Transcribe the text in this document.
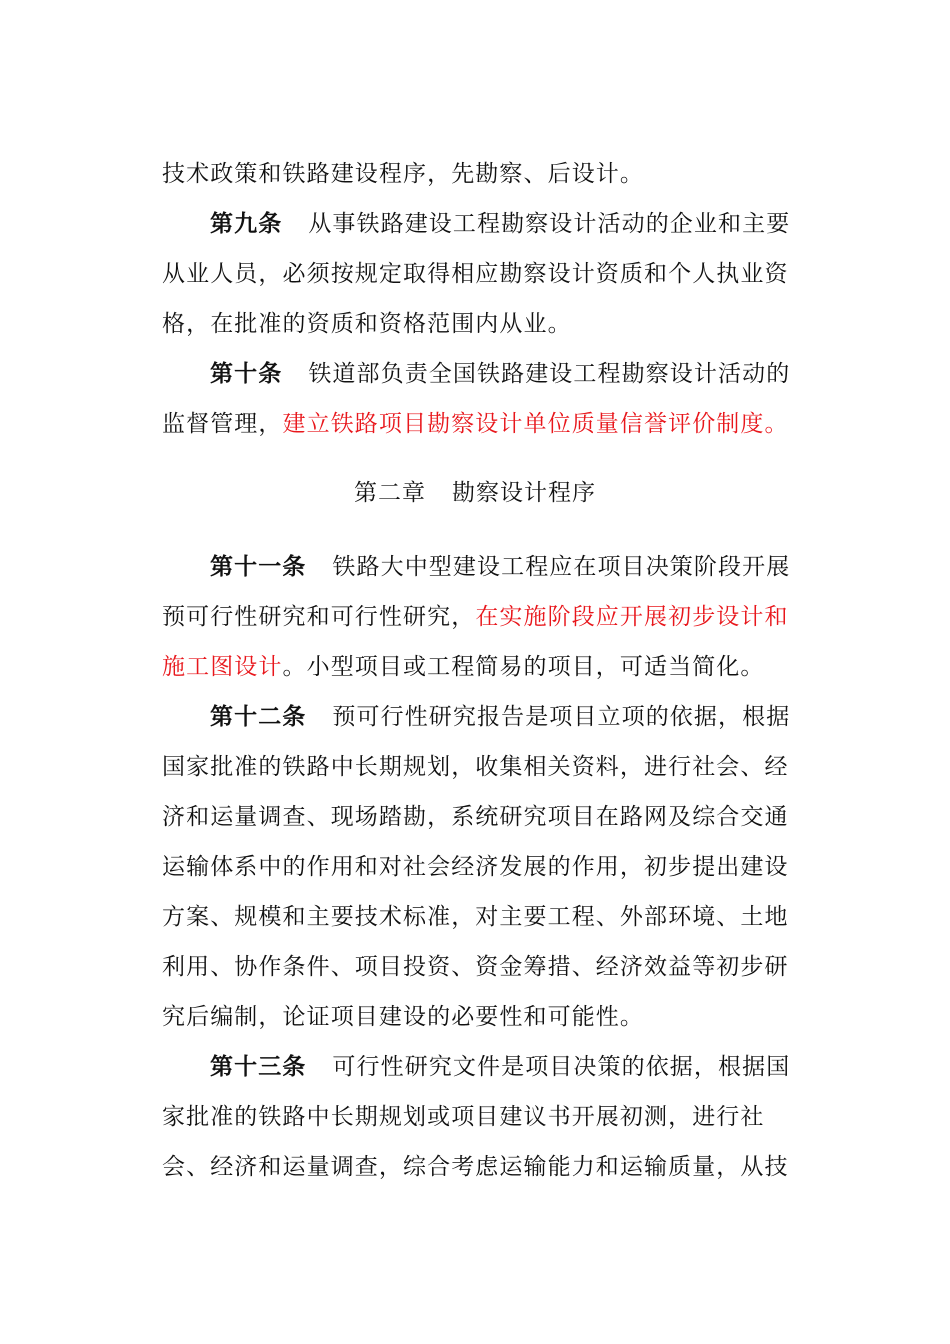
技术政策和铁路建设程序，先勘察、后设计。
第九条 从事铁路建设工程勘察设计活动的企业和主要
从业人员，必须按规定取得相应勘察设计资质和个人执业资
格，在批准的资质和资格范围内从业。
第十条 铁道部负责全国铁路建设工程勘察设计活动的
监督管理，建立铁路项目勘察设计单位质量信誉评价制度。
第二章 勘察设计程序
第十一条 铁路大中型建设工程应在项目决策阶段开展
预可行性研究和可行性研究，在实施阶段应开展初步设计和
施工图设计。小型项目或工程简易的项目，可适当简化。
第十二条 预可行性研究报告是项目立项的依据，根据
国家批准的铁路中长期规划，收集相关资料，进行社会、经
济和运量调查、现场踏勘，系统研究项目在路网及综合交通
运输体系中的作用和对社会经济发展的作用，初步提出建设
方案、规模和主要技术标准，对主要工程、外部环境、土地
利用、协作条件、项目投资、资金筹措、经济效益等初步研
究后编制，论证项目建设的必要性和可能性。
第十三条 可行性研究文件是项目决策的依据，根据国
家批准的铁路中长期规划或项目建议书开展初测，进行社
会、经济和运量调查，综合考虑运输能力和运输质量，从技
